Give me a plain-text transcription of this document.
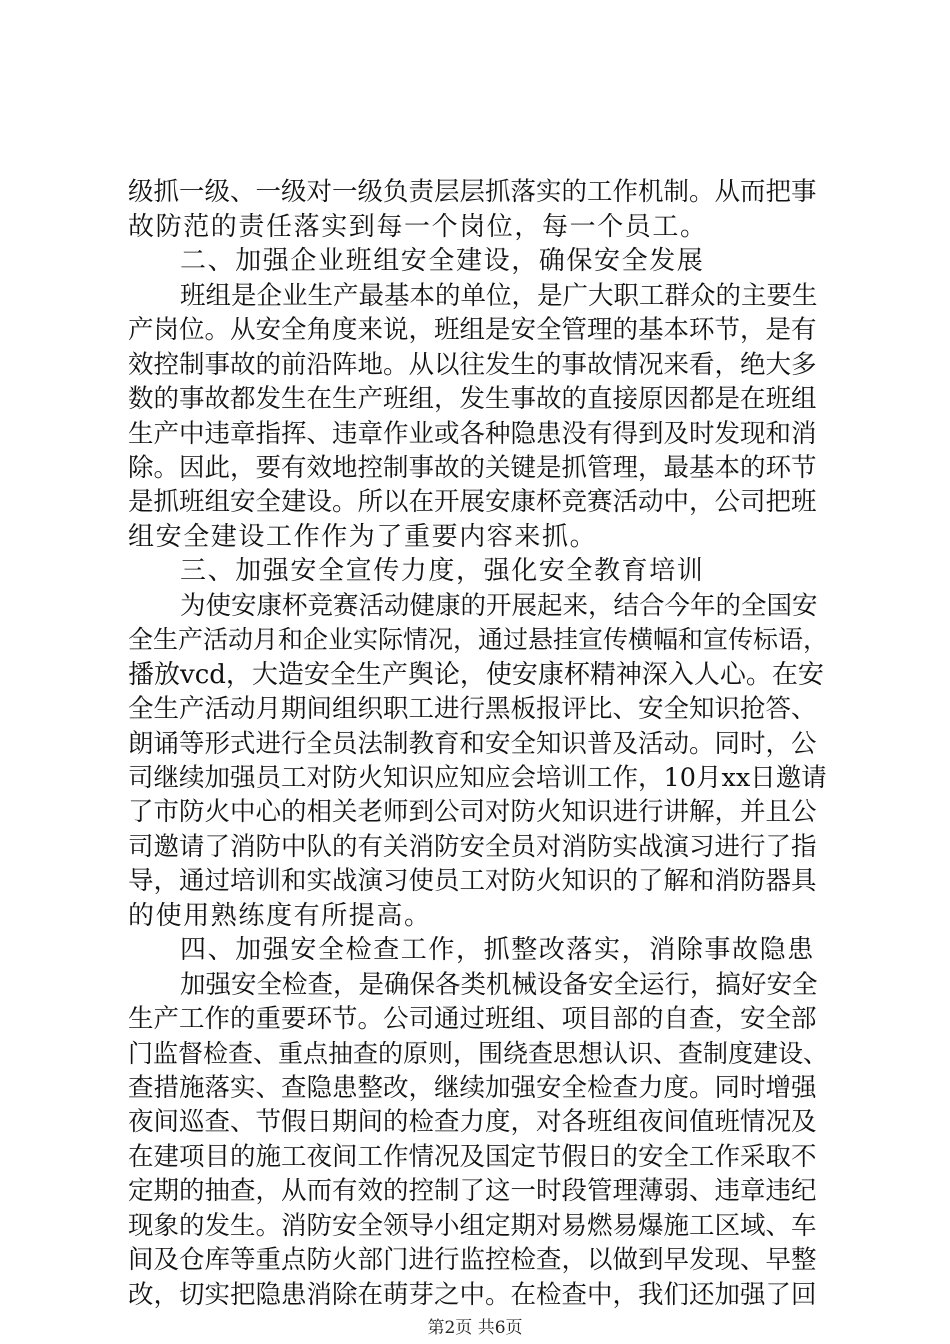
级抓一级、一级对一级负责层层抓落实的工作机制。从而把事
故防范的责任落实到每一个岗位，每一个员工。
二、加强企业班组安全建设，确保安全发展
班组是企业生产最基本的单位，是广大职工群众的主要生
产岗位。从安全角度来说，班组是安全管理的基本环节，是有
效控制事故的前沿阵地。从以往发生的事故情况来看，绝大多
数的事故都发生在生产班组，发生事故的直接原因都是在班组
生产中违章指挥、违章作业或各种隐患没有得到及时发现和消
除。因此，要有效地控制事故的关键是抓管理，最基本的环节
是抓班组安全建设。所以在开展安康杯竞赛活动中，公司把班
组安全建设工作作为了重要内容来抓。
三、加强安全宣传力度，强化安全教育培训
为使安康杯竞赛活动健康的开展起来，结合今年的全国安
全生产活动月和企业实际情况，通过悬挂宣传横幅和宣传标语，
播放vcd，大造安全生产舆论，使安康杯精神深入人心。在安
全生产活动月期间组织职工进行黑板报评比、安全知识抢答、
朗诵等形式进行全员法制教育和安全知识普及活动。同时，公
司继续加强员工对防火知识应知应会培训工作，10月xx日邀请
了市防火中心的相关老师到公司对防火知识进行讲解，并且公
司邀请了消防中队的有关消防安全员对消防实战演习进行了指
导，通过培训和实战演习使员工对防火知识的了解和消防器具
的使用熟练度有所提高。
四、加强安全检查工作，抓整改落实，消除事故隐患
加强安全检查，是确保各类机械设备安全运行，搞好安全
生产工作的重要环节。公司通过班组、项目部的自查，安全部
门监督检查、重点抽查的原则，围绕查思想认识、查制度建设、
查措施落实、查隐患整改，继续加强安全检查力度。同时增强
夜间巡查、节假日期间的检查力度，对各班组夜间值班情况及
在建项目的施工夜间工作情况及国定节假日的安全工作采取不
定期的抽查，从而有效的控制了这一时段管理薄弱、违章违纪
现象的发生。消防安全领导小组定期对易燃易爆施工区域、车
间及仓库等重点防火部门进行监控检查，以做到早发现、早整
改，切实把隐患消除在萌芽之中。在检查中，我们还加强了回
第2页 共6页
